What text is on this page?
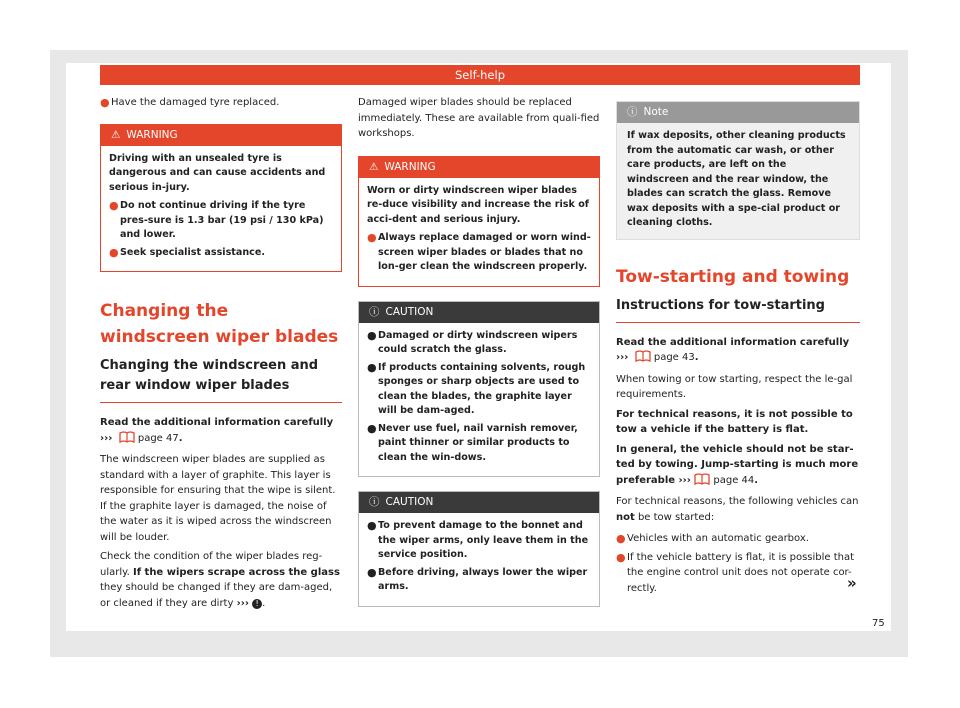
Self-help
● Have the damaged tyre replaced.
⚠ WARNING

Driving with an unsealed tyre is dangerous and can cause accidents and serious in-jury.

● Do not continue driving if the tyre pres-sure is 1.3 bar (19 psi / 130 kPa) and lower.
● Seek specialist assistance.
Changing the windscreen wiper blades
Changing the windscreen and rear window wiper blades

Read the additional information carefully
›››	page 47.

The windscreen wiper blades are supplied as standard with a layer of graphite. This layer is responsible for ensuring that the wipe is silent. If the graphite layer is damaged, the noise of the water as it is wiped across the windscreen will be louder.

Check the condition of the wiper blades reg-ularly. If the wipers scrape across the glass they should be changed if they are dam-aged, or cleaned if they are dirty ››› ! .

Damaged wiper blades should be replaced immediately. These are available from quali-fied workshops.

⚠ WARNING

Worn or dirty windscreen wiper blades re-duce visibility and increase the risk of acci-dent and serious injury.

● Always replace damaged or worn wind-screen wiper blades or blades that no lon-ger clean the windscreen properly.
ⓘ CAUTION
● Damaged or dirty windscreen wipers could scratch the glass.
● If products containing solvents, rough sponges or sharp objects are used to clean the blades, the graphite layer will be dam-aged.
● Never use fuel, nail varnish remover, paint thinner or similar products to clean the win-dows.
ⓘ CAUTION
● To prevent damage to the bonnet and the wiper arms, only leave them in the service position.
● Before driving, always lower the wiper arms.
ⓘ Note
If wax deposits, other cleaning products from the automatic car wash, or other care products, are left on the windscreen and the rear window, the blades can scratch the glass. Remove wax deposits with a spe-cial product or cleaning cloths.
Tow-starting and towing
Instructions for tow-starting

Read the additional information carefully
›››	page 43.

When towing or tow starting, respect the le-gal requirements.

For technical reasons, it is not possible to tow a vehicle if the battery is flat.

In general, the vehicle should not be star-ted by towing. Jump-starting is much more preferable ››› page 44.

For technical reasons, the following vehicles can not be tow started:

● Vehicles with an automatic gearbox.
● If the vehicle battery is flat, it is possible that the engine control unit does not operate cor-rectly.	»
75
